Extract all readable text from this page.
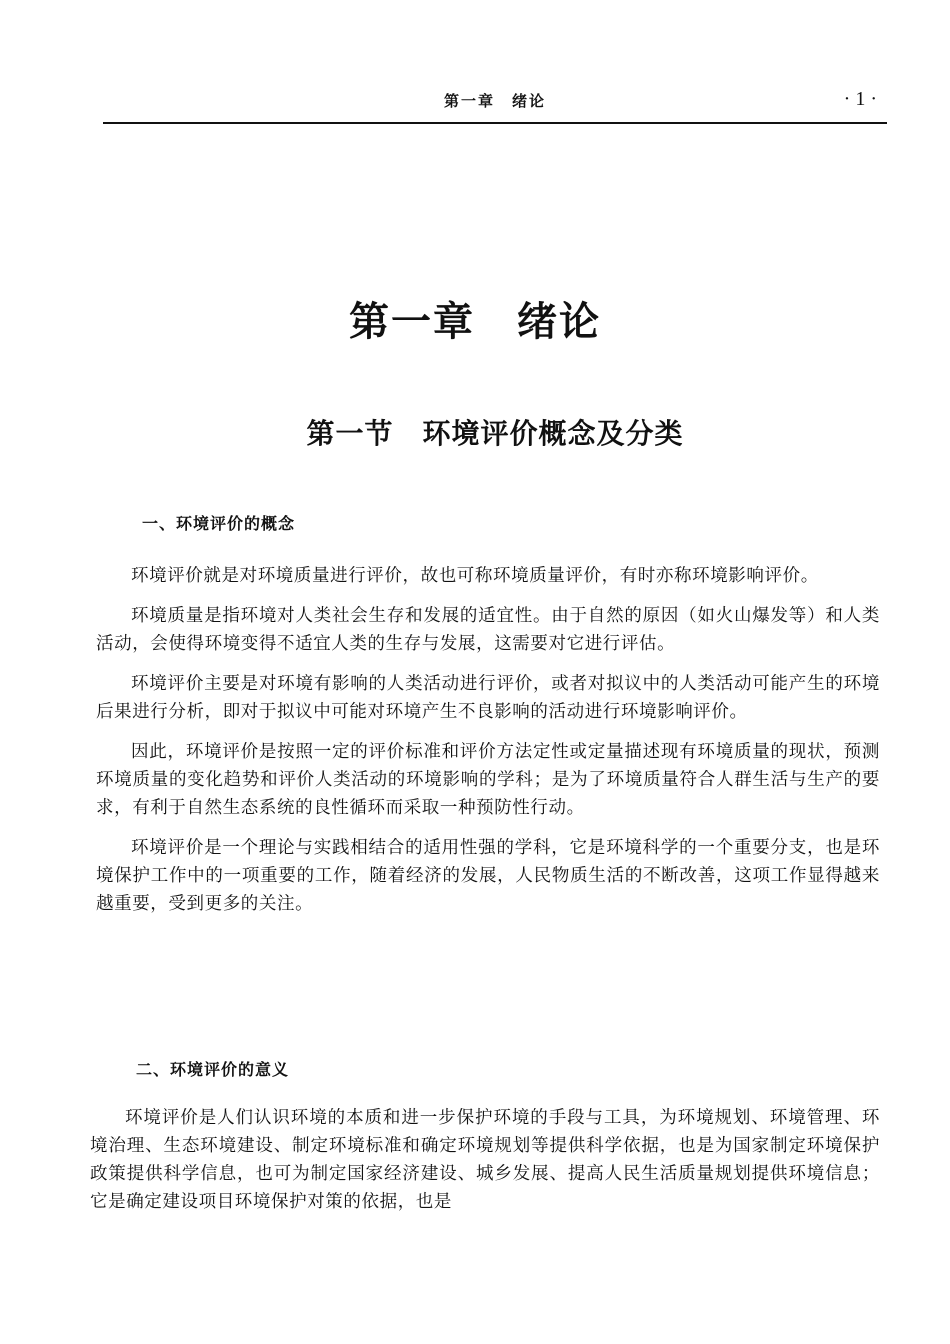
第一章　绪论	· 1 ·
第一章　绪论
第一节　环境评价概念及分类
一、环境评价的概念

环境评价就是对环境质量进行评价，故也可称环境质量评价，有时亦称环境影响评价。

环境质量是指环境对人类社会生存和发展的适宜性。由于自然的原因（如火山爆发等）和人类活动，会使得环境变得不适宜人类的生存与发展，这需要对它进行评估。

环境评价主要是对环境有影响的人类活动进行评价，或者对拟议中的人类活动可能产生的环境后果进行分析，即对于拟议中可能对环境产生不良影响的活动进行环境影响评价。

因此，环境评价是按照一定的评价标准和评价方法定性或定量描述现有环境质量的现状，预测环境质量的变化趋势和评价人类活动的环境影响的学科；是为了环境质量符合人群生活与生产的要求，有利于自然生态系统的良性循环而采取一种预防性行动。

环境评价是一个理论与实践相结合的适用性强的学科，它是环境科学的一个重要分支，也是环境保护工作中的一项重要的工作，随着经济的发展，人民物质生活的不断改善，这项工作显得越来越重要，受到更多的关注。

二、环境评价的意义

环境评价是人们认识环境的本质和进一步保护环境的手段与工具，为环境规划、环境管理、环境治理、生态环境建设、制定环境标准和确定环境规划等提供科学依据，也是为国家制定环境保护政策提供科学信息，也可为制定国家经济建设、城乡发展、提高人民生活质量规划提供环境信息；它是确定建设项目环境保护对策的依据，也是
